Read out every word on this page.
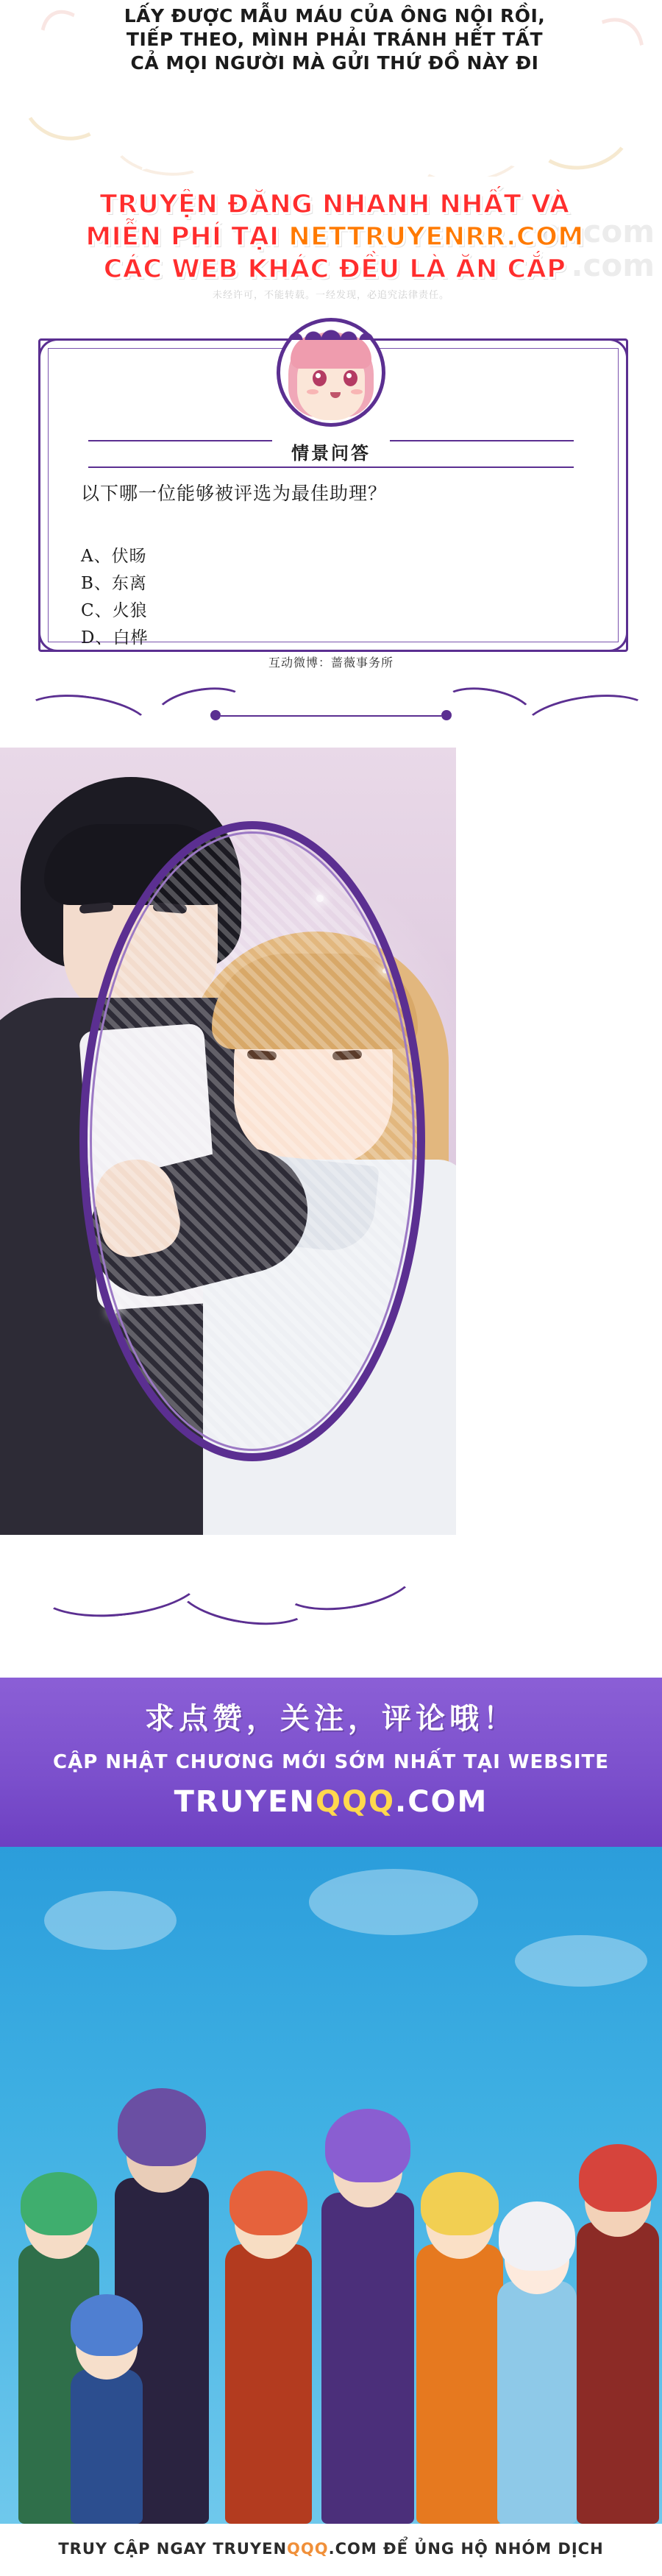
LẤY ĐƯỢC MẪU MÁU CỦA ÔNG NỘI RỒI, TIẾP THEO, MÌNH PHẢI TRÁNH HẾT TẤT CẢ MỌI NGƯỜI MÀ GỬI THỨ ĐỒ NÀY ĐI
m.com
.com
TRUYỆN ĐĂNG NHANH NHẤT VÀ
MIỄN PHÍ TẠI NETTRUYENRR.COM
CÁC WEB KHÁC ĐỀU LÀ ĂN CẮP
未经许可，不能转载。一经发现，必追究法律责任。
情景问答
以下哪一位能够被评选为最佳助理？
A、伏旸
B、东离
C、火狼
D、白桦
互动微博：蔷薇事务所
求点赞，关注，评论哦！
CẬP NHẬT CHƯƠNG MỚI SỚM NHẤT TẠI WEBSITE
TRUYENQQQ.COM
TRUY CẬP NGAY TRUYENQQQ.COM ĐỂ ỦNG HỘ NHÓM DỊCH
